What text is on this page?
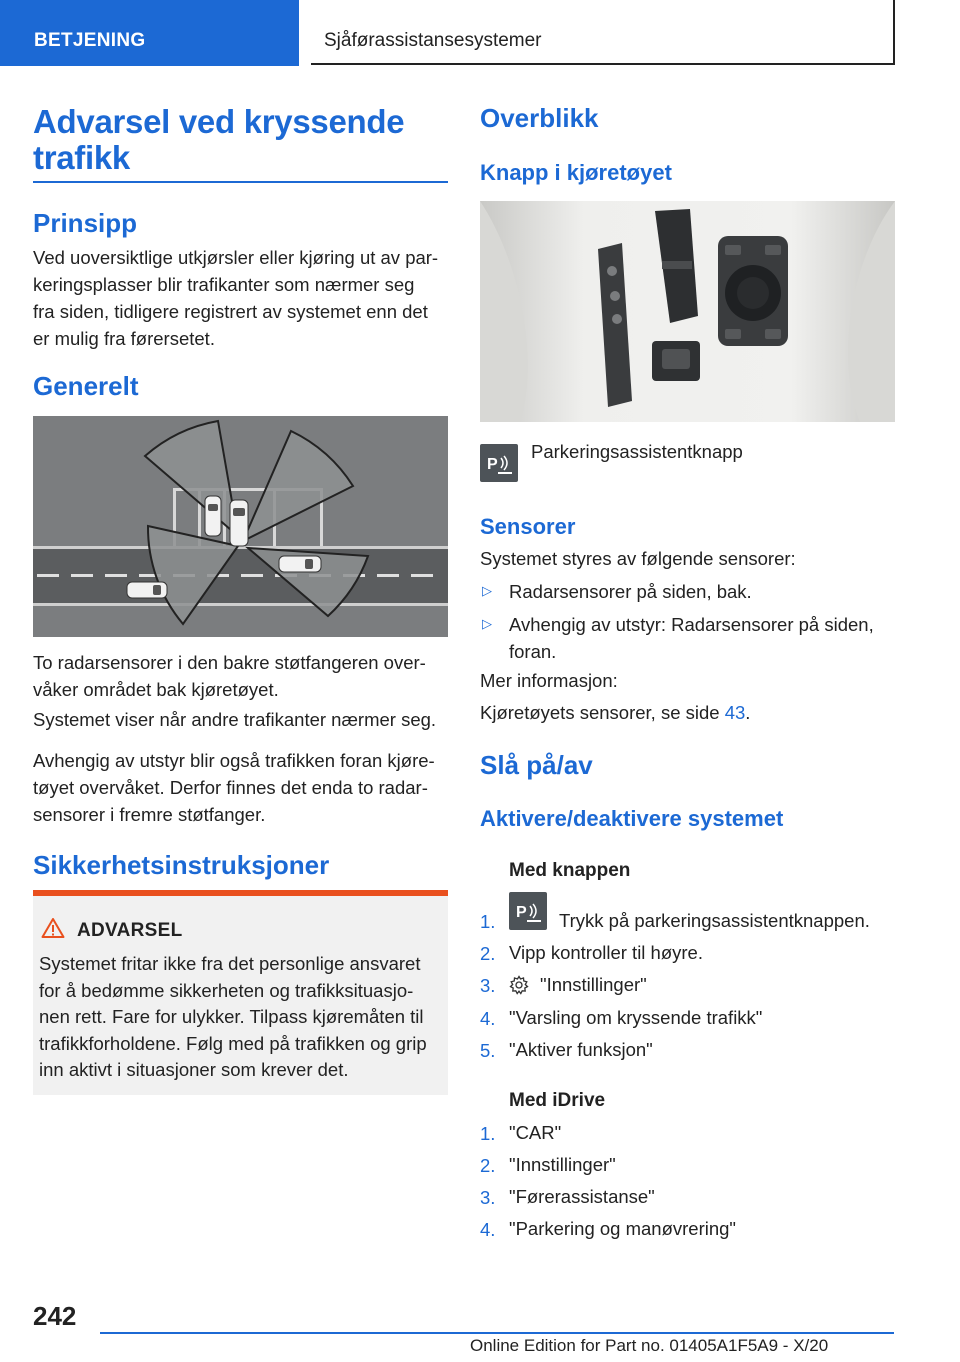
BETJENING	Sjåførassistansesystemer
Advarsel ved kryssende
trafikk
Prinsipp
Ved uoversiktlige utkjørsler eller kjøring ut av par‐
keringsplasser blir trafikanter som nærmer seg
fra siden, tidligere registrert av systemet enn det
er mulig fra førersetet.
Generelt
To radarsensorer i den bakre støtfangeren over‐
våker området bak kjøretøyet.
Systemet viser når andre trafikanter nærmer seg.
Avhengig av utstyr blir også trafikken foran kjøre‐
tøyet overvåket. Derfor finnes det enda to radar‐
sensorer i fremre støtfanger.
Sikkerhetsinstruksjoner
ADVARSEL
Systemet fritar ikke fra det personlige ansvaret
for å bedømme sikkerheten og trafikksituasjo‐
nen rett. Fare for ulykker. Tilpass kjøremåten til
trafikkforholdene. Følg med på trafikken og grip
inn aktivt i situasjoner som krever det.
Overblikk
Knapp i kjøretøyet
P
Parkeringsassistentknapp
Sensorer
Systemet styres av følgende sensorer:
▷ Radarsensorer på siden, bak.
▷ Avhengig av utstyr: Radarsensorer på siden,
foran.
Mer informasjon:
Kjøretøyets sensorer, se side 43.
Slå på/av
Aktivere/deaktivere systemet
Med knappen
1. P Trykk på parkeringsassistentknappen.
2. Vipp kontroller til høyre.
3. "Innstillinger"
4. "Varsling om kryssende trafikk"
5. "Aktiver funksjon"
Med iDrive
1. "CAR"
2. "Innstillinger"
3. "Førerassistanse"
4. "Parkering og manøvrering"
242
Online Edition for Part no. 01405A1F5A9 - X/20
